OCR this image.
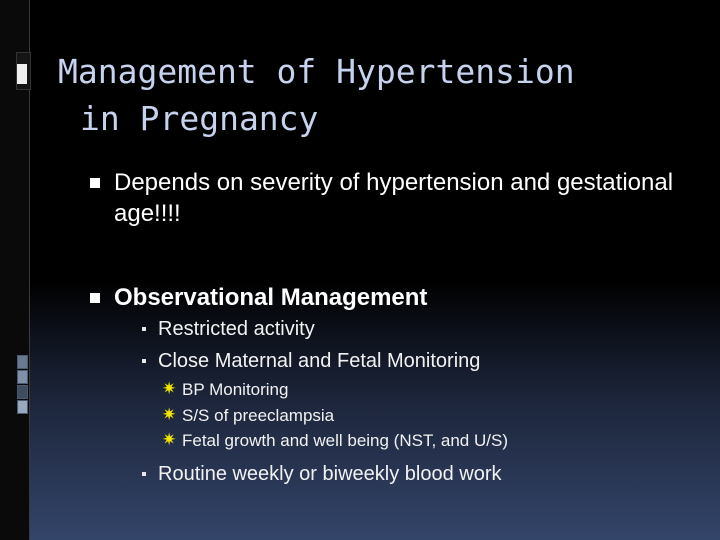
Management of Hypertension
in Pregnancy
Depends on severity of hypertension and gestational age!!!!
Observational Management
Restricted activity
Close Maternal and Fetal Monitoring
✷ BP Monitoring
✷ S/S of preeclampsia
✷ Fetal growth and well being (NST, and U/S)
Routine weekly or biweekly blood work
